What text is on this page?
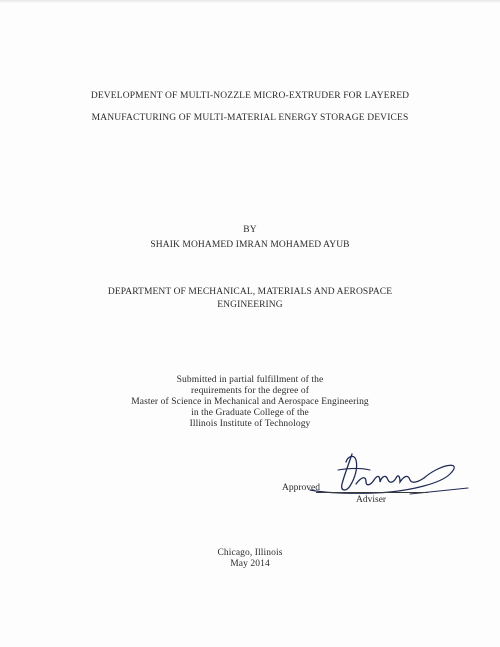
DEVELOPMENT OF MULTI-NOZZLE MICRO-EXTRUDER FOR LAYERED
MANUFACTURING OF MULTI-MATERIAL ENERGY STORAGE DEVICES
BY
SHAIK MOHAMED IMRAN MOHAMED AYUB
DEPARTMENT OF MECHANICAL, MATERIALS AND AEROSPACE
ENGINEERING
Submitted in partial fulfillment of the
requirements for the degree of
Master of Science in Mechanical and Aerospace Engineering
in the Graduate College of the
Illinois Institute of Technology
Approved
Adviser
Chicago, Illinois
May 2014
